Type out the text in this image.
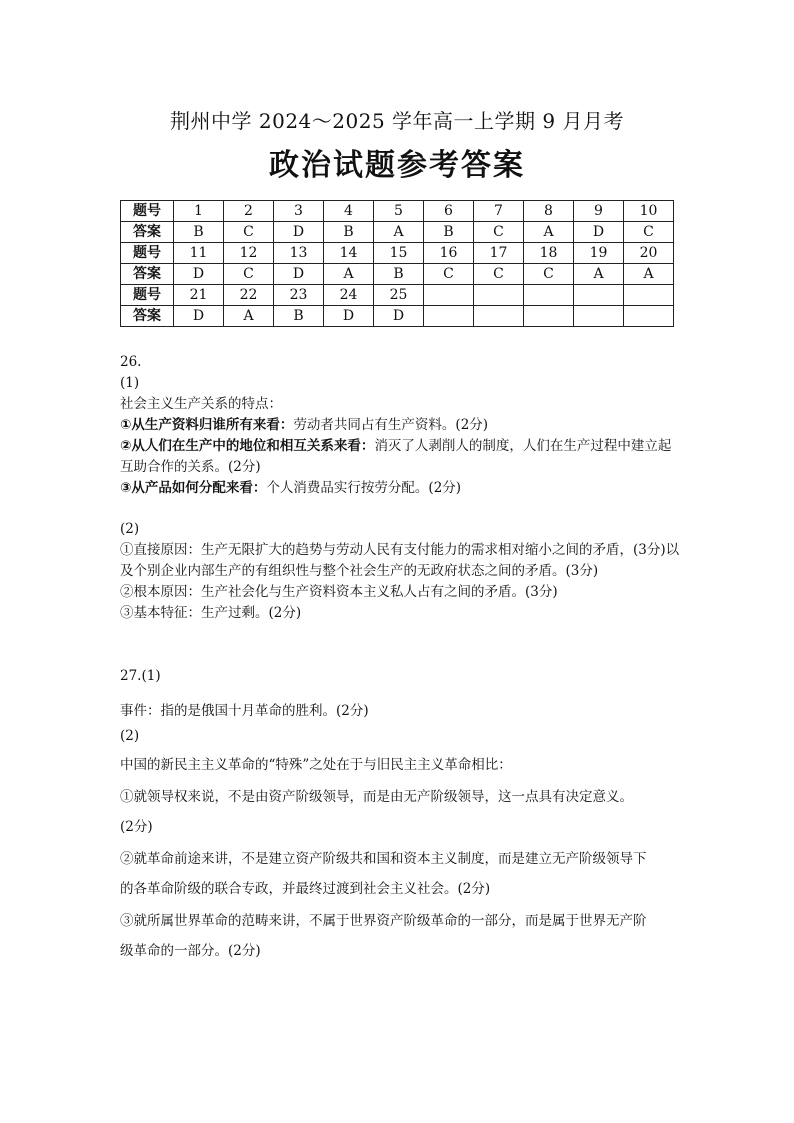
荆州中学 2024～2025 学年高一上学期 9 月月考
政治试题参考答案
题号	1	2	3	4	5	6	7	8	9	10
答案	B	C	D	B	A	B	C	A	D	C
题号	11	12	13	14	15	16	17	18	19	20
答案	D	C	D	A	B	C	C	C	A	A
题号	21	22	23	24	25					
答案	D	A	B	D	D					

26.

(1)

社会主义生产关系的特点：

①从生产资料归谁所有来看：劳动者共同占有生产资料。(2分)

②从人们在生产中的地位和相互关系来看：消灭了人剥削人的制度，人们在生产过程中建立起互助合作的关系。(2分)

③从产品如何分配来看：个人消费品实行按劳分配。(2分)

(2)

①直接原因：生产无限扩大的趋势与劳动人民有支付能力的需求相对缩小之间的矛盾，(3分)以及个别企业内部生产的有组织性与整个社会生产的无政府状态之间的矛盾。(3分)

②根本原因：生产社会化与生产资料资本主义私人占有之间的矛盾。(3分)

③基本特征：生产过剩。(2分)

27.(1)

事件：指的是俄国十月革命的胜利。(2分)

(2)

中国的新民主主义革命的“特殊”之处在于与旧民主主义革命相比：

①就领导权来说，不是由资产阶级领导，而是由无产阶级领导，这一点具有决定意义。

(2分)

②就革命前途来讲，不是建立资产阶级共和国和资本主义制度，而是建立无产阶级领导下

的各革命阶级的联合专政，并最终过渡到社会主义社会。(2分)

③就所属世界革命的范畴来讲，不属于世界资产阶级革命的一部分，而是属于世界无产阶

级革命的一部分。(2分)
